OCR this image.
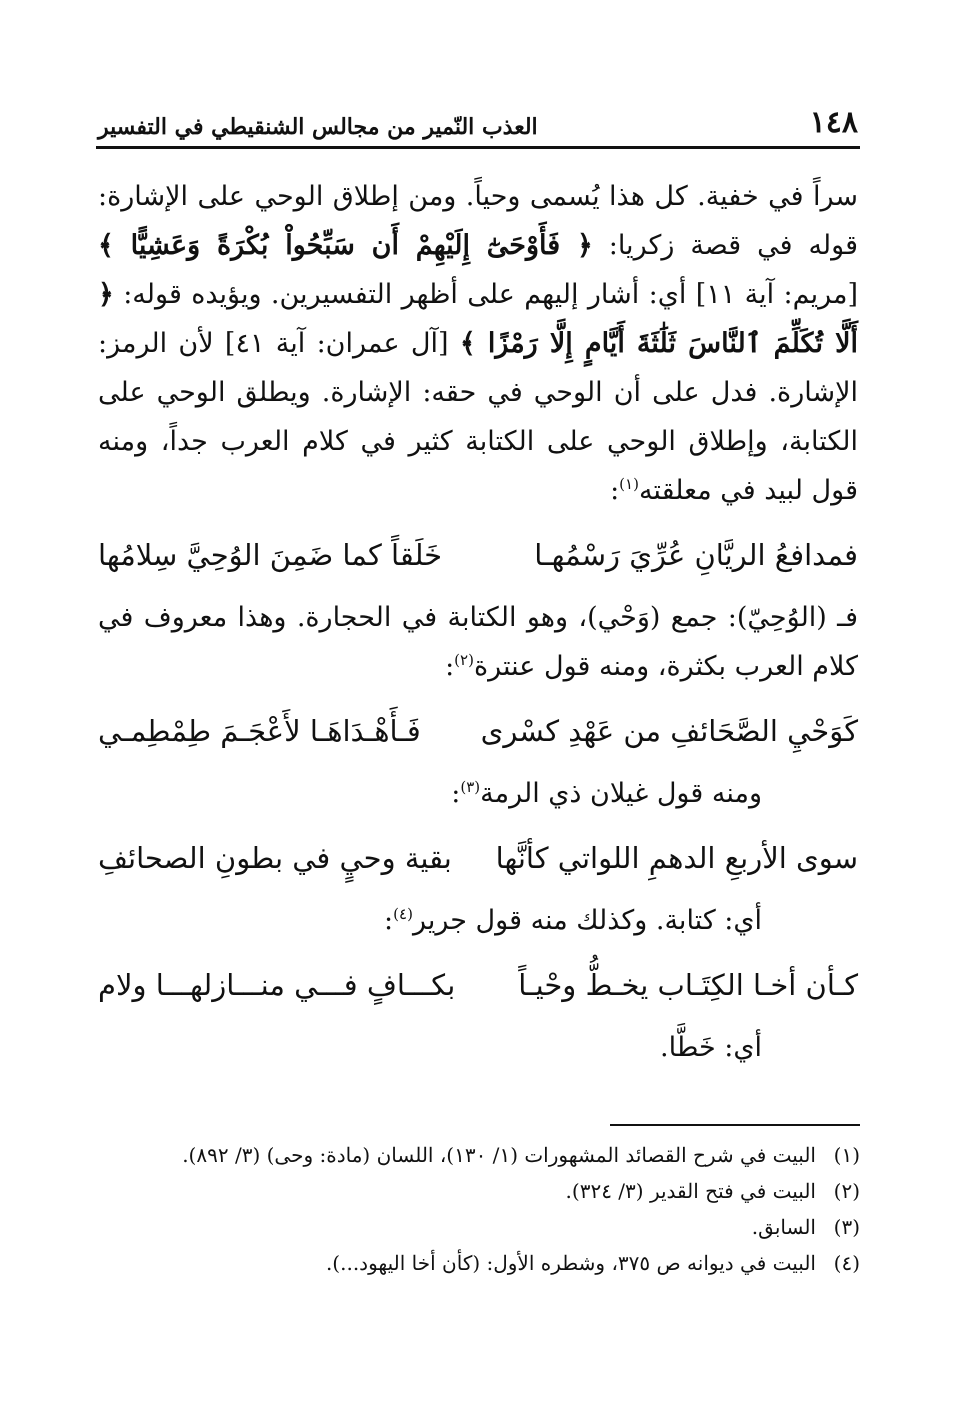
١٤٨
العذب النّمير من مجالس الشنقيطي في التفسير

سراً في خفية. كل هذا يُسمى وحياً. ومن إطلاق الوحي على الإشارة: قوله في قصة زكريا: ﴿ فَأَوْحَىٰٓ إِلَيْهِمْ أَن سَبِّحُواْ بُكْرَةً وَعَشِيًّا ﴾ [مريم: آية ١١] أي: أشار إليهم على أظهر التفسيرين. ويؤيده قوله: ﴿ أَلَّا تُكَلِّمَ ٱلنَّاسَ ثَلَٰثَةَ أَيَّامٍ إِلَّا رَمْزًا ﴾ [آل عمران: آية ٤١] لأن الرمز: الإشارة. فدل على أن الوحي في حقه: الإشارة. ويطلق الوحي على الكتابة، وإطلاق الوحي على الكتابة كثير في كلام العرب جداً، ومنه قول لبيد في معلقته$^{(١)}$:

فمدافعُ الريَّانِ عُرِّيَ رَسْمُهـا
خَلَقاً كما ضَمِنَ الوُحِيَّ سِلامُها

فـ (الوُحِيّ): جمع (وَحْي)، وهو الكتابة في الحجارة. وهذا معروف في كلام العرب بكثرة، ومنه قول عنترة$^{(٢)}$:

كَوَحْيِ الصَّحَائفِ من عَهْدِ كسْرى
فَـأَهْـدَاهَـا لأَعْجَـمَ طِمْطِمـي

ومنه قول غيلان ذي الرمة$^{(٣)}$:

سوى الأربعِ الدهمِ اللواتي كأنَّها
بقية وحيٍ في بطونِ الصحائفِ

أي: كتابة. وكذلك منه قول جرير$^{(٤)}$:

كـأن أخـا الكِتَـاب يخـطُّ وحْيـاً
بكـــافٍ فـــي منـــازلهـــا ولام

أي: خَطَّا.

(١)
البيت في شرح القصائد المشهورات (١/ ١٣٠)، اللسان (مادة: وحى) (٣/ ٨٩٢).
(٢)
البيت في فتح القدير (٣/ ٣٢٤).
(٣)
السابق.
(٤)
البيت في ديوانه ص ٣٧٥، وشطره الأول: (كأن أخا اليهود...).
